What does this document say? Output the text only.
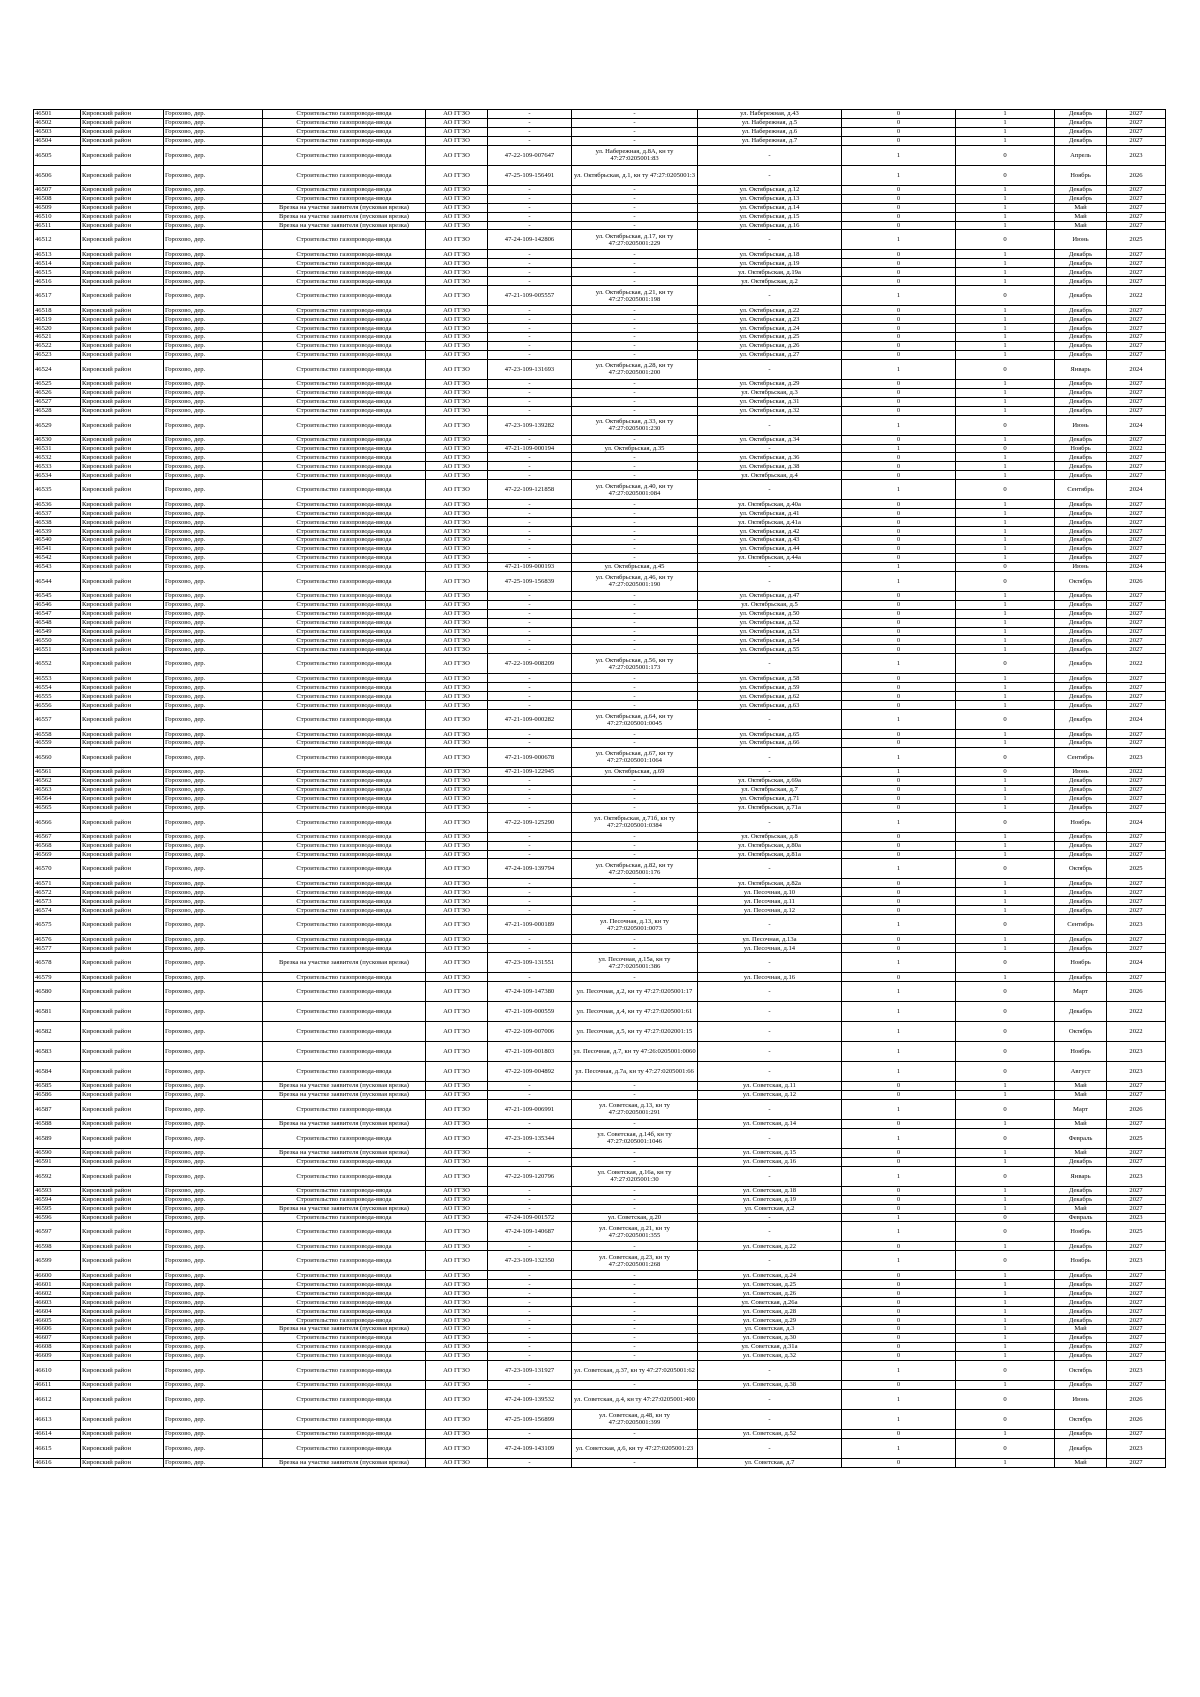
46501	Кировский район	Горохово, дер.	Строительство газопровода-ввода	АО ГГЗО	-	-	ул. Набережная, д.43	0	1	Декабрь	2027
46502	Кировский район	Горохово, дер.	Строительство газопровода-ввода	АО ГГЗО	-	-	ул. Набережная, д.5	0	1	Декабрь	2027
46503	Кировский район	Горохово, дер.	Строительство газопровода-ввода	АО ГГЗО	-	-	ул. Набережная, д.6	0	1	Декабрь	2027
46504	Кировский район	Горохово, дер.	Строительство газопровода-ввода	АО ГГЗО	-	-	ул. Набережная, д.7	0	1	Декабрь	2027
46505	Кировский район	Горохово, дер.	Строительство газопровода-ввода	АО ГГЗО	47-22-109-007647	ул. Набережная, д.8А, кн ту 47:27:0205001:83	-	1	0	Апрель	2023
46506	Кировский район	Горохово, дер.	Строительство газопровода-ввода	АО ГГЗО	47-25-109-156491	ул. Октябрьская, д.1, кн ту 47:27:0205001:3	-	1	0	Ноябрь	2026
46507	Кировский район	Горохово, дер.	Строительство газопровода-ввода	АО ГГЗО	-	-	ул. Октябрьская, д.12	0	1	Декабрь	2027
46508	Кировский район	Горохово, дер.	Строительство газопровода-ввода	АО ГГЗО	-	-	ул. Октябрьская, д.13	0	1	Декабрь	2027
46509	Кировский район	Горохово, дер.	Врезка на участке заявителя (пусковая врезка)	АО ГГЗО	-	-	ул. Октябрьская, д.14	0	1	Май	2027
46510	Кировский район	Горохово, дер.	Врезка на участке заявителя (пусковая врезка)	АО ГГЗО	-	-	ул. Октябрьская, д.15	0	1	Май	2027
46511	Кировский район	Горохово, дер.	Врезка на участке заявителя (пусковая врезка)	АО ГГЗО	-	-	ул. Октябрьская, д.16	0	1	Май	2027
46512	Кировский район	Горохово, дер.	Строительство газопровода-ввода	АО ГГЗО	47-24-109-142806	ул. Октябрьская, д.17, кн ту 47:27:0205001:229	-	1	0	Июнь	2025
46513	Кировский район	Горохово, дер.	Строительство газопровода-ввода	АО ГГЗО	-	-	ул. Октябрьская, д.18	0	1	Декабрь	2027
46514	Кировский район	Горохово, дер.	Строительство газопровода-ввода	АО ГГЗО	-	-	ул. Октябрьская, д.19	0	1	Декабрь	2027
46515	Кировский район	Горохово, дер.	Строительство газопровода-ввода	АО ГГЗО	-	-	ул. Октябрьская, д.19а	0	1	Декабрь	2027
46516	Кировский район	Горохово, дер.	Строительство газопровода-ввода	АО ГГЗО	-	-	ул. Октябрьская, д.2	0	1	Декабрь	2027
46517	Кировский район	Горохово, дер.	Строительство газопровода-ввода	АО ГГЗО	47-21-109-005557	ул. Октябрьская, д.21, кн ту 47:27:0205001:198	-	1	0	Декабрь	2022
46518	Кировский район	Горохово, дер.	Строительство газопровода-ввода	АО ГГЗО	-	-	ул. Октябрьская, д.22	0	1	Декабрь	2027
46519	Кировский район	Горохово, дер.	Строительство газопровода-ввода	АО ГГЗО	-	-	ул. Октябрьская, д.23	0	1	Декабрь	2027
46520	Кировский район	Горохово, дер.	Строительство газопровода-ввода	АО ГГЗО	-	-	ул. Октябрьская, д.24	0	1	Декабрь	2027
46521	Кировский район	Горохово, дер.	Строительство газопровода-ввода	АО ГГЗО	-	-	ул. Октябрьская, д.25	0	1	Декабрь	2027
46522	Кировский район	Горохово, дер.	Строительство газопровода-ввода	АО ГГЗО	-	-	ул. Октябрьская, д.26	0	1	Декабрь	2027
46523	Кировский район	Горохово, дер.	Строительство газопровода-ввода	АО ГГЗО	-	-	ул. Октябрьская, д.27	0	1	Декабрь	2027
46524	Кировский район	Горохово, дер.	Строительство газопровода-ввода	АО ГГЗО	47-23-109-131693	ул. Октябрьская, д.28, кн ту 47:27:0205001:200	-	1	0	Январь	2024
46525	Кировский район	Горохово, дер.	Строительство газопровода-ввода	АО ГГЗО	-	-	ул. Октябрьская, д.29	0	1	Декабрь	2027
46526	Кировский район	Горохово, дер.	Строительство газопровода-ввода	АО ГГЗО	-	-	ул. Октябрьская, д.3	0	1	Декабрь	2027
46527	Кировский район	Горохово, дер.	Строительство газопровода-ввода	АО ГГЗО	-	-	ул. Октябрьская, д.31	0	1	Декабрь	2027
46528	Кировский район	Горохово, дер.	Строительство газопровода-ввода	АО ГГЗО	-	-	ул. Октябрьская, д.32	0	1	Декабрь	2027
46529	Кировский район	Горохово, дер.	Строительство газопровода-ввода	АО ГГЗО	47-23-109-139282	ул. Октябрьская, д.33, кн ту 47:27:0205001:230	-	1	0	Июнь	2024
46530	Кировский район	Горохово, дер.	Строительство газопровода-ввода	АО ГГЗО	-	-	ул. Октябрьская, д.34	0	1	Декабрь	2027
46531	Кировский район	Горохово, дер.	Строительство газопровода-ввода	АО ГГЗО	47-21-109-000194	ул. Октябрьская, д.35	-	1	0	Ноябрь	2022
46532	Кировский район	Горохово, дер.	Строительство газопровода-ввода	АО ГГЗО	-	-	ул. Октябрьская, д.36	0	1	Декабрь	2027
46533	Кировский район	Горохово, дер.	Строительство газопровода-ввода	АО ГГЗО	-	-	ул. Октябрьская, д.38	0	1	Декабрь	2027
46534	Кировский район	Горохово, дер.	Строительство газопровода-ввода	АО ГГЗО	-	-	ул. Октябрьская, д.4	0	1	Декабрь	2027
46535	Кировский район	Горохово, дер.	Строительство газопровода-ввода	АО ГГЗО	47-22-109-121858	ул. Октябрьская, д.40, кн ту 47:27:0205001:084	-	1	0	Сентябрь	2024
46536	Кировский район	Горохово, дер.	Строительство газопровода-ввода	АО ГГЗО	-	-	ул. Октябрьская, д.40а	0	1	Декабрь	2027
46537	Кировский район	Горохово, дер.	Строительство газопровода-ввода	АО ГГЗО	-	-	ул. Октябрьская, д.41	0	1	Декабрь	2027
46538	Кировский район	Горохово, дер.	Строительство газопровода-ввода	АО ГГЗО	-	-	ул. Октябрьская, д.41а	0	1	Декабрь	2027
46539	Кировский район	Горохово, дер.	Строительство газопровода-ввода	АО ГГЗО	-	-	ул. Октябрьская, д.42	0	1	Декабрь	2027
46540	Кировский район	Горохово, дер.	Строительство газопровода-ввода	АО ГГЗО	-	-	ул. Октябрьская, д.43	0	1	Декабрь	2027
46541	Кировский район	Горохово, дер.	Строительство газопровода-ввода	АО ГГЗО	-	-	ул. Октябрьская, д.44	0	1	Декабрь	2027
46542	Кировский район	Горохово, дер.	Строительство газопровода-ввода	АО ГГЗО	-	-	ул. Октябрьская, д.44а	0	1	Декабрь	2027
46543	Кировский район	Горохово, дер.	Строительство газопровода-ввода	АО ГГЗО	47-21-109-000193	ул. Октябрьская, д.45	-	1	0	Июнь	2024
46544	Кировский район	Горохово, дер.	Строительство газопровода-ввода	АО ГГЗО	47-25-109-156839	ул. Октябрьская, д.46, кн ту 47:27:0205001:190	-	1	0	Октябрь	2026
46545	Кировский район	Горохово, дер.	Строительство газопровода-ввода	АО ГГЗО	-	-	ул. Октябрьская, д.47	0	1	Декабрь	2027
46546	Кировский район	Горохово, дер.	Строительство газопровода-ввода	АО ГГЗО	-	-	ул. Октябрьская, д.5	0	1	Декабрь	2027
46547	Кировский район	Горохово, дер.	Строительство газопровода-ввода	АО ГГЗО	-	-	ул. Октябрьская, д.50	0	1	Декабрь	2027
46548	Кировский район	Горохово, дер.	Строительство газопровода-ввода	АО ГГЗО	-	-	ул. Октябрьская, д.52	0	1	Декабрь	2027
46549	Кировский район	Горохово, дер.	Строительство газопровода-ввода	АО ГГЗО	-	-	ул. Октябрьская, д.53	0	1	Декабрь	2027
46550	Кировский район	Горохово, дер.	Строительство газопровода-ввода	АО ГГЗО	-	-	ул. Октябрьская, д.54	0	1	Декабрь	2027
46551	Кировский район	Горохово, дер.	Строительство газопровода-ввода	АО ГГЗО	-	-	ул. Октябрьская, д.55	0	1	Декабрь	2027
46552	Кировский район	Горохово, дер.	Строительство газопровода-ввода	АО ГГЗО	47-22-109-008209	ул. Октябрьская, д.56, кн ту 47:27:0205001:173	-	1	0	Декабрь	2022
46553	Кировский район	Горохово, дер.	Строительство газопровода-ввода	АО ГГЗО	-	-	ул. Октябрьская, д.58	0	1	Декабрь	2027
46554	Кировский район	Горохово, дер.	Строительство газопровода-ввода	АО ГГЗО	-	-	ул. Октябрьская, д.59	0	1	Декабрь	2027
46555	Кировский район	Горохово, дер.	Строительство газопровода-ввода	АО ГГЗО	-	-	ул. Октябрьская, д.62	0	1	Декабрь	2027
46556	Кировский район	Горохово, дер.	Строительство газопровода-ввода	АО ГГЗО	-	-	ул. Октябрьская, д.63	0	1	Декабрь	2027
46557	Кировский район	Горохово, дер.	Строительство газопровода-ввода	АО ГГЗО	47-21-109-000282	ул. Октябрьская, д.64, кн ту 47:27:0205001:0045	-	1	0	Декабрь	2024
46558	Кировский район	Горохово, дер.	Строительство газопровода-ввода	АО ГГЗО	-	-	ул. Октябрьская, д.65	0	1	Декабрь	2027
46559	Кировский район	Горохово, дер.	Строительство газопровода-ввода	АО ГГЗО	-	-	ул. Октябрьская, д.66	0	1	Декабрь	2027
46560	Кировский район	Горохово, дер.	Строительство газопровода-ввода	АО ГГЗО	47-21-109-000678	ул. Октябрьская, д.67, кн ту 47:27:0205001:1064	-	1	0	Сентябрь	2023
46561	Кировский район	Горохово, дер.	Строительство газопровода-ввода	АО ГГЗО	47-21-109-122945	ул. Октябрьская, д.69	-	1	0	Июнь	2022
46562	Кировский район	Горохово, дер.	Строительство газопровода-ввода	АО ГГЗО	-	-	ул. Октябрьская, д.69а	0	1	Декабрь	2027
46563	Кировский район	Горохово, дер.	Строительство газопровода-ввода	АО ГГЗО	-	-	ул. Октябрьская, д.7	0	1	Декабрь	2027
46564	Кировский район	Горохово, дер.	Строительство газопровода-ввода	АО ГГЗО	-	-	ул. Октябрьская, д.71	0	1	Декабрь	2027
46565	Кировский район	Горохово, дер.	Строительство газопровода-ввода	АО ГГЗО	-	-	ул. Октябрьская, д.71а	0	1	Декабрь	2027
46566	Кировский район	Горохово, дер.	Строительство газопровода-ввода	АО ГГЗО	47-22-109-125290	ул. Октябрьская, д.71б, кн ту 47:27:0205001:0384	-	1	0	Ноябрь	2024
46567	Кировский район	Горохово, дер.	Строительство газопровода-ввода	АО ГГЗО	-	-	ул. Октябрьская, д.8	0	1	Декабрь	2027
46568	Кировский район	Горохово, дер.	Строительство газопровода-ввода	АО ГГЗО	-	-	ул. Октябрьская, д.80а	0	1	Декабрь	2027
46569	Кировский район	Горохово, дер.	Строительство газопровода-ввода	АО ГГЗО	-	-	ул. Октябрьская, д.81а	0	1	Декабрь	2027
46570	Кировский район	Горохово, дер.	Строительство газопровода-ввода	АО ГГЗО	47-24-109-139794	ул. Октябрьская, д.82, кн ту 47:27:0205001:176	-	1	0	Октябрь	2025
46571	Кировский район	Горохово, дер.	Строительство газопровода-ввода	АО ГГЗО	-	-	ул. Октябрьская, д.82а	0	1	Декабрь	2027
46572	Кировский район	Горохово, дер.	Строительство газопровода-ввода	АО ГГЗО	-	-	ул. Песочная, д.10	0	1	Декабрь	2027
46573	Кировский район	Горохово, дер.	Строительство газопровода-ввода	АО ГГЗО	-	-	ул. Песочная, д.11	0	1	Декабрь	2027
46574	Кировский район	Горохово, дер.	Строительство газопровода-ввода	АО ГГЗО	-	-	ул. Песочная, д.12	0	1	Декабрь	2027
46575	Кировский район	Горохово, дер.	Строительство газопровода-ввода	АО ГГЗО	47-21-109-000189	ул. Песочная, д.13, кн ту 47:27:0205001:0073	-	1	0	Сентябрь	2023
46576	Кировский район	Горохово, дер.	Строительство газопровода-ввода	АО ГГЗО	-	-	ул. Песочная, д.13а	0	1	Декабрь	2027
46577	Кировский район	Горохово, дер.	Строительство газопровода-ввода	АО ГГЗО	-	-	ул. Песочная, д.14	0	1	Декабрь	2027
46578	Кировский район	Горохово, дер.	Врезка на участке заявителя (пусковая врезка)	АО ГГЗО	47-23-109-131551	ул. Песочная, д.15а, кн ту 47:27:0205001:386	-	1	0	Ноябрь	2024
46579	Кировский район	Горохово, дер.	Строительство газопровода-ввода	АО ГГЗО	-	-	ул. Песочная, д.16	0	1	Декабрь	2027
46580	Кировский район	Горохово, дер.	Строительство газопровода-ввода	АО ГГЗО	47-24-109-147380	ул. Песочная, д.2, кн ту 47:27:0205001:17	-	1	0	Март	2026
46581	Кировский район	Горохово, дер.	Строительство газопровода-ввода	АО ГГЗО	47-21-109-000559	ул. Песочная, д.4, кн ту 47:27:0205001:61	-	1	0	Декабрь	2022
46582	Кировский район	Горохово, дер.	Строительство газопровода-ввода	АО ГГЗО	47-22-109-007006	ул. Песочная, д.5, кн ту 47:27:0202001:15	-	1	0	Октябрь	2022
46583	Кировский район	Горохово, дер.	Строительство газопровода-ввода	АО ГГЗО	47-21-109-001803	ул. Песочная, д.7, кн ту 47:26:0205001:0060	-	1	0	Ноябрь	2023
46584	Кировский район	Горохово, дер.	Строительство газопровода-ввода	АО ГГЗО	47-22-109-004892	ул. Песочная, д.7а, кн ту 47:27:0205001:66	-	1	0	Август	2023
46585	Кировский район	Горохово, дер.	Врезка на участке заявителя (пусковая врезка)	АО ГГЗО	-	-	ул. Советская, д.11	0	1	Май	2027
46586	Кировский район	Горохово, дер.	Врезка на участке заявителя (пусковая врезка)	АО ГГЗО	-	-	ул. Советская, д.12	0	1	Май	2027
46587	Кировский район	Горохово, дер.	Строительство газопровода-ввода	АО ГГЗО	47-21-109-006991	ул. Советская, д.13, кн ту 47:27:0205001:291	-	1	0	Март	2026
46588	Кировский район	Горохово, дер.	Врезка на участке заявителя (пусковая врезка)	АО ГГЗО	-	-	ул. Советская, д.14	0	1	Май	2027
46589	Кировский район	Горохово, дер.	Строительство газопровода-ввода	АО ГГЗО	47-23-109-135344	ул. Советская, д.14б, кн ту 47:27:0205001:1046	-	1	0	Февраль	2025
46590	Кировский район	Горохово, дер.	Врезка на участке заявителя (пусковая врезка)	АО ГГЗО	-	-	ул. Советская, д.15	0	1	Май	2027
46591	Кировский район	Горохово, дер.	Строительство газопровода-ввода	АО ГГЗО	-	-	ул. Советская, д.16	0	1	Декабрь	2027
46592	Кировский район	Горохово, дер.	Строительство газопровода-ввода	АО ГГЗО	47-22-109-120796	ул. Советская, д.16а, кн ту 47:27:0205001:30	-	1	0	Январь	2023
46593	Кировский район	Горохово, дер.	Строительство газопровода-ввода	АО ГГЗО	-	-	ул. Советская, д.18	0	1	Декабрь	2027
46594	Кировский район	Горохово, дер.	Строительство газопровода-ввода	АО ГГЗО	-	-	ул. Советская, д.19	0	1	Декабрь	2027
46595	Кировский район	Горохово, дер.	Врезка на участке заявителя (пусковая врезка)	АО ГГЗО	-	-	ул. Советская, д.2	0	1	Май	2027
46596	Кировский район	Горохово, дер.	Строительство газопровода-ввода	АО ГГЗО	47-24-109-001572	ул. Советская, д.20	-	1	0	Февраль	2023
46597	Кировский район	Горохово, дер.	Строительство газопровода-ввода	АО ГГЗО	47-24-109-140687	ул. Советская, д.21, кн ту 47:27:0205001:355	-	1	0	Ноябрь	2025
46598	Кировский район	Горохово, дер.	Строительство газопровода-ввода	АО ГГЗО	-	-	ул. Советская, д.22	0	1	Декабрь	2027
46599	Кировский район	Горохово, дер.	Строительство газопровода-ввода	АО ГГЗО	47-23-109-132350	ул. Советская, д.23, кн ту 47:27:0205001:268	-	1	0	Ноябрь	2023
46600	Кировский район	Горохово, дер.	Строительство газопровода-ввода	АО ГГЗО	-	-	ул. Советская, д.24	0	1	Декабрь	2027
46601	Кировский район	Горохово, дер.	Строительство газопровода-ввода	АО ГГЗО	-	-	ул. Советская, д.25	0	1	Декабрь	2027
46602	Кировский район	Горохово, дер.	Строительство газопровода-ввода	АО ГГЗО	-	-	ул. Советская, д.26	0	1	Декабрь	2027
46603	Кировский район	Горохово, дер.	Строительство газопровода-ввода	АО ГГЗО	-	-	ул. Советская, д.26а	0	1	Декабрь	2027
46604	Кировский район	Горохово, дер.	Строительство газопровода-ввода	АО ГГЗО	-	-	ул. Советская, д.28	0	1	Декабрь	2027
46605	Кировский район	Горохово, дер.	Строительство газопровода-ввода	АО ГГЗО	-	-	ул. Советская, д.29	0	1	Декабрь	2027
46606	Кировский район	Горохово, дер.	Врезка на участке заявителя (пусковая врезка)	АО ГГЗО	-	-	ул. Советская, д.3	0	1	Май	2027
46607	Кировский район	Горохово, дер.	Строительство газопровода-ввода	АО ГГЗО	-	-	ул. Советская, д.30	0	1	Декабрь	2027
46608	Кировский район	Горохово, дер.	Строительство газопровода-ввода	АО ГГЗО	-	-	ул. Советская, д.31а	0	1	Декабрь	2027
46609	Кировский район	Горохово, дер.	Строительство газопровода-ввода	АО ГГЗО	-	-	ул. Советская, д.32	0	1	Декабрь	2027
46610	Кировский район	Горохово, дер.	Строительство газопровода-ввода	АО ГГЗО	47-23-109-131927	ул. Советская, д.37, кн ту 47:27:0205001:62	-	1	0	Октябрь	2023
46611	Кировский район	Горохово, дер.	Строительство газопровода-ввода	АО ГГЗО	-	-	ул. Советская, д.38	0	1	Декабрь	2027
46612	Кировский район	Горохово, дер.	Строительство газопровода-ввода	АО ГГЗО	47-24-109-139532	ул. Советская, д.4, кн ту 47:27:0205001:400	-	1	0	Июнь	2026
46613	Кировский район	Горохово, дер.	Строительство газопровода-ввода	АО ГГЗО	47-25-109-156899	ул. Советская, д.48, кн ту 47:27:0205001:399	-	1	0	Октябрь	2026
46614	Кировский район	Горохово, дер.	Строительство газопровода-ввода	АО ГГЗО	-	-	ул. Советская, д.52	0	1	Декабрь	2027
46615	Кировский район	Горохово, дер.	Строительство газопровода-ввода	АО ГГЗО	47-24-109-143109	ул. Советская, д.6, кн ту 47:27:0205001:23	-	1	0	Декабрь	2023
46616	Кировский район	Горохово, дер.	Врезка на участке заявителя (пусковая врезка)	АО ГГЗО	-	-	ул. Советская, д.7	0	1	Май	2027
